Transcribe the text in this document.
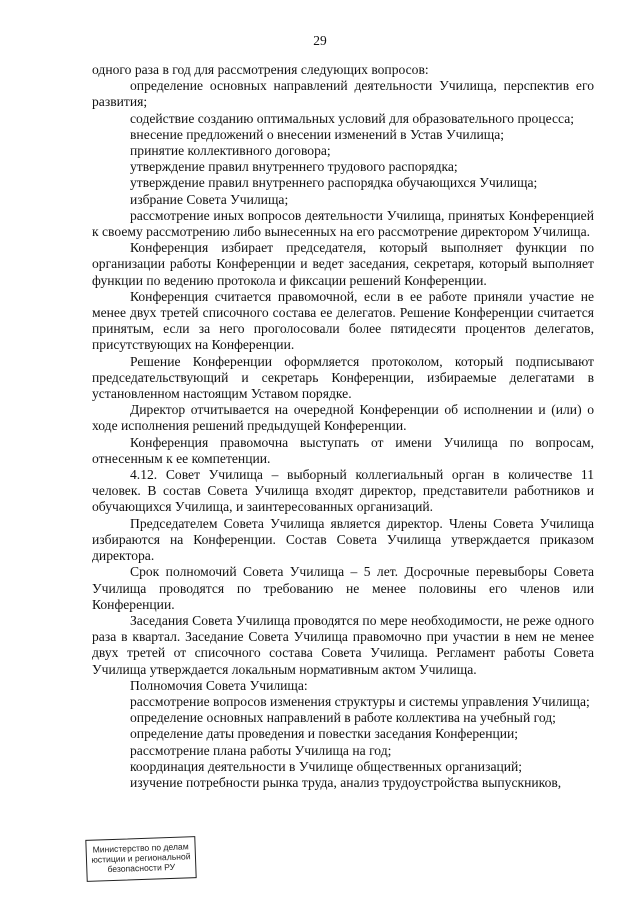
29

одного раза в год для рассмотрения следующих вопросов:

определение основных направлений деятельности Училища, перспектив его развития;

содействие созданию оптимальных условий для образовательного процесса;

внесение предложений о внесении изменений в Устав Училища;

принятие коллективного договора;

утверждение правил внутреннего трудового распорядка;

утверждение правил внутреннего распорядка обучающихся Училища;

избрание Совета Училища;

рассмотрение иных вопросов деятельности Училища, принятых Конференцией к своему рассмотрению либо вынесенных на его рассмотрение директором Училища.

Конференция избирает председателя, который выполняет функции по организации работы Конференции и ведет заседания, секретаря, который выполняет функции по ведению протокола и фиксации решений Конференции.

Конференция считается правомочной, если в ее работе приняли участие не менее двух третей списочного состава ее делегатов. Решение Конференции считается принятым, если за него проголосовали более пятидесяти процентов делегатов, присутствующих на Конференции.

Решение Конференции оформляется протоколом, который подписывают председательствующий и секретарь Конференции, избираемые делегатами в установленном настоящим Уставом порядке.

Директор отчитывается на очередной Конференции об исполнении и (или) о ходе исполнения решений предыдущей Конференции.

Конференция правомочна выступать от имени Училища по вопросам, отнесенным к ее компетенции.

4.12. Совет Училища – выборный коллегиальный орган в количестве 11 человек. В состав Совета Училища входят директор, представители работников и обучающихся Училища, и заинтересованных организаций.

Председателем Совета Училища является директор. Члены Совета Училища избираются на Конференции. Состав Совета Училища утверждается приказом директора.

Срок полномочий Совета Училища – 5 лет. Досрочные перевыборы Совета Училища проводятся по требованию не менее половины его членов или Конференции.

Заседания Совета Училища проводятся по мере необходимости, не реже одного раза в квартал. Заседание Совета Училища правомочно при участии в нем не менее двух третей от списочного состава Совета Училища. Регламент работы Совета Училища утверждается локальным нормативным актом Училища.

Полномочия Совета Училища:

рассмотрение вопросов изменения структуры и системы управления Училища;

определение основных направлений в работе коллектива на учебный год;

определение даты проведения и повестки заседания Конференции;

рассмотрение плана работы Училища на год;

координация деятельности в Училище общественных организаций;

изучение потребности рынка труда, анализ трудоустройства выпускников,

Министерство по делам
юстиции и региональной
безопасности РУ
